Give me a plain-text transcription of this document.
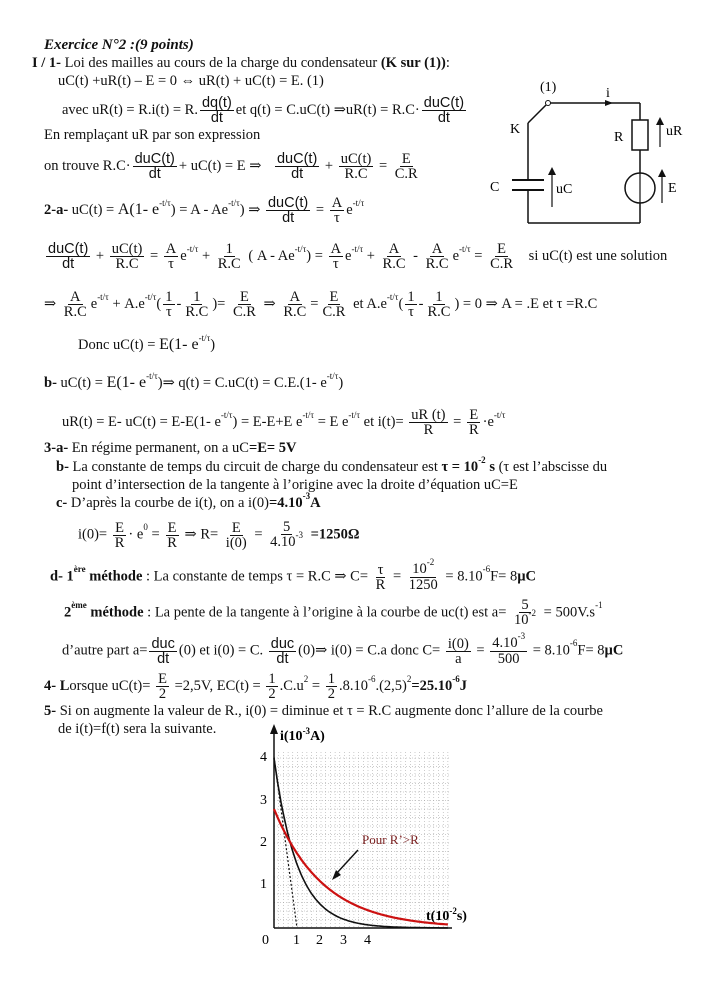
Exercice N°2 :(9 points)
I / 1- Loi des mailles au cours de la charge du condensateur (K sur (1)):
uC(t) +uR(t) – E = 0 ⇔ uR(t) + uC(t) = E. (1)
avec uR(t) = R.i(t) = R. $\frac{dq(t)}{dt}$ et q(t) = C.uC(t) ⇒uR(t) = $R.C\cdot \frac{\text{duC(t)}}{dt}$
En remplaçant uR par son expression
on trouve $R.C\cdot \frac{\text{duC(t)}}{dt} + uC(t) = E$ ⇒ $\frac{\text{duC(t)}}{dt} + \frac{uC(t)}{R.C} = \frac{E}{C.R}$
2-a- uC(t) = A(1- $e^{-t/\tau}) = A - Ae^{-t/\tau}$) ⇒ $\frac{\text{duC(t)}}{dt} = \frac{A}{\tau} e^{-t/\tau}$
$\frac{\text{duC(t)}}{dt} + \frac{uC(t)}{R.C} = \frac{A}{\tau} e^{-t/\tau} + \frac{1}{R.C}$ ( $A - Ae^{-t/\tau}) = \frac{A}{\tau} e^{-t/\tau} + \frac{A}{R.C} - \frac{A}{R.C} e^{-t/\tau} = \frac{E}{C.R}$ si uC(t) est une solution
⇒ $\frac{A}{R.C} e^{-t/\tau} + A.e^{-t/\tau}( \frac{1}{\tau} - \frac{1}{R.C}$ )= $\frac{E}{C.R}$ ⇒ $\frac{A}{R.C} = \frac{E}{C.R}$ et $A.e^{-t/\tau}( \frac{1}{\tau} - \frac{1}{R.C}$ ) = 0 ⇒ A = .E et τ =R.C
Donc uC(t) = E(1- $e^{-t/\tau}$)
b- uC(t) = E(1- $e^{-t/\tau})\Rightarrow$ q(t) = C.uC(t) = C.E.(1- $e^{-t/\tau}$)
uR(t) = E- uC(t) = E-E(1- $e^{-t/\tau}) = E-E+E$ $e^{-t/\tau} = E$ $e^{-t/\tau}$ et $i(t)= \frac{uR (t)}{R} = \frac{E}{R} \cdot e^{-t/\tau}$
3-a- En régime permanent, on a uC=E= 5V
b- La constante de temps du circuit de charge du condensateur est $\tau = 10^{-2}$ s (τ est l’abscisse du
point d’intersection de la tangente à l’origine avec la droite d’équation uC=E
c- D’après la courbe de i(t), on a $i(0)=4.10^{-3}A$
$i(0)= \frac{E}{R} \cdot e^0 = \frac{E}{R}$ ⇒ $R= \frac{E}{i(0)} = \frac{5}{4.10^{-3}} =1250\Omega$
d- 1ère méthode : La constante de temps τ = R.C ⇒ $C= \frac{\tau}{R} = \frac{10^{-2}}{1250} = 8.10^{-6}F= 8\mu C$
2ème méthode : La pente de la tangente à l’origine à la courbe de uc(t) est $a= \frac{5}{10^{-2}} = 500V.s^{-1}$
d’autre part $a= \frac{\text{duc}}{dt} (0)$ et i(0) = C. $\frac{\text{duc}}{dt}$ (0)⇒ i(0) = C.a donc $C= \frac{i(0)}{a} = \frac{4.10^{-3}}{500} = 8.10^{-6}F= 8\mu C$
4- Lorsque $uC(t)= \frac{E}{2} =2,5V$, $EC(t) = \frac{1}{2} .C.u^2 = \frac{1}{2} .8.10^{-6}.(2,5)^2=25.10^{-6}J$
5- Si on augmente la valeur de R., i(0) = diminue et τ = R.C augmente donc l’allure de la courbe
de i(t)=f(t) sera la suivante.
i
(1)
K
C	uC
R	uR
E
$i(10^{-3}A)$
$t(10^{-2}s)$
1
2
3
4
0 1 2 3 4
Pour R’>R
